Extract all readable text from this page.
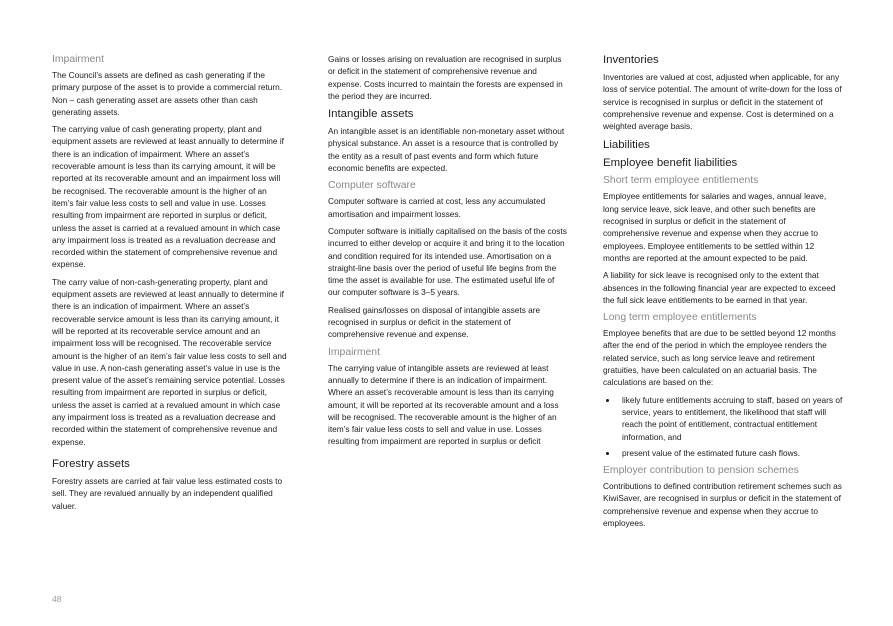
Impairment

The Council’s assets are defined as cash generating if the primary purpose of the asset is to provide a commercial return. Non – cash generating asset are assets other than cash generating assets.

The carrying value of cash generating property, plant and equipment assets are reviewed at least annually to determine if there is an indication of impairment. Where an asset’s recoverable amount is less than its carrying amount, it will be reported at its recoverable amount and an impairment loss will be recognised. The recoverable amount is the higher of an item’s fair value less costs to sell and value in use. Losses resulting from impairment are reported in surplus or deficit, unless the asset is carried at a revalued amount in which case any impairment loss is treated as a revaluation decrease and recorded within the statement of comprehensive revenue and expense.

The carry value of non-cash-generating property, plant and equipment assets are reviewed at least annually to determine if there is an indication of impairment. Where an asset’s recoverable service amount is less than its carrying amount, it will be reported at its recoverable service amount and an impairment loss will be recognised. The recoverable service amount is the higher of an item’s fair value less costs to sell and value in use. A non-cash generating asset’s value in use is the present value of the asset’s remaining service potential. Losses resulting from impairment are reported in surplus or deficit, unless the asset is carried at a revalued amount in which case any impairment loss is treated as a revaluation decrease and recorded within the statement of comprehensive revenue and expense.

Forestry assets

Forestry assets are carried at fair value less estimated costs to sell. They are revalued annually by an independent qualified valuer.

Gains or losses arising on revaluation are recognised in surplus or deficit in the statement of comprehensive revenue and expense. Costs incurred to maintain the forests are expensed in the period they are incurred.

Intangible assets

An intangible asset is an identifiable non-monetary asset without physical substance. An asset is a resource that is controlled by the entity as a result of past events and form which future economic benefits are expected.

Computer software

Computer software is carried at cost, less any accumulated amortisation and impairment losses.

Computer software is initially capitalised on the basis of the costs incurred to either develop or acquire it and bring it to the location and condition required for its intended use. Amortisation on a straight-line basis over the period of useful life begins from the time the asset is available for use. The estimated useful life of our computer software is 3–5 years.

Realised gains/losses on disposal of intangible assets are recognised in surplus or deficit in the statement of comprehensive revenue and expense.

Impairment

The carrying value of intangible assets are reviewed at least annually to determine if there is an indication of impairment. Where an asset’s recoverable amount is less than its carrying amount, it will be reported at its recoverable amount and a loss will be recognised. The recoverable amount is the higher of an item’s fair value less costs to sell and value in use. Losses resulting from impairment are reported in surplus or deficit

Inventories

Inventories are valued at cost, adjusted when applicable, for any loss of service potential. The amount of write-down for the loss of service is recognised in surplus or deficit in the statement of comprehensive revenue and expense. Cost is determined on a weighted average basis.

Liabilities
Employee benefit liabilities
Short term employee entitlements

Employee entitlements for salaries and wages, annual leave, long service leave, sick leave, and other such benefits are recognised in surplus or deficit in the statement of comprehensive revenue and expense when they accrue to employees. Employee entitlements to be settled within 12 months are reported at the amount expected to be paid.

A liability for sick leave is recognised only to the extent that absences in the following financial year are expected to exceed the full sick leave entitlements to be earned in that year.

Long term employee entitlements

Employee benefits that are due to be settled beyond 12 months after the end of the period in which the employee renders the related service, such as long service leave and retirement gratuities, have been calculated on an actuarial basis. The calculations are based on the:

• likely future entitlements accruing to staff, based on years of service, years to entitlement, the likelihood that staff will reach the point of entitlement, contractual entitlement information, and
• present value of the estimated future cash flows.
Employer contribution to pension schemes

Contributions to defined contribution retirement schemes such as KiwiSaver, are recognised in surplus or deficit in the statement of comprehensive revenue and expense when they accrue to employees.

48
